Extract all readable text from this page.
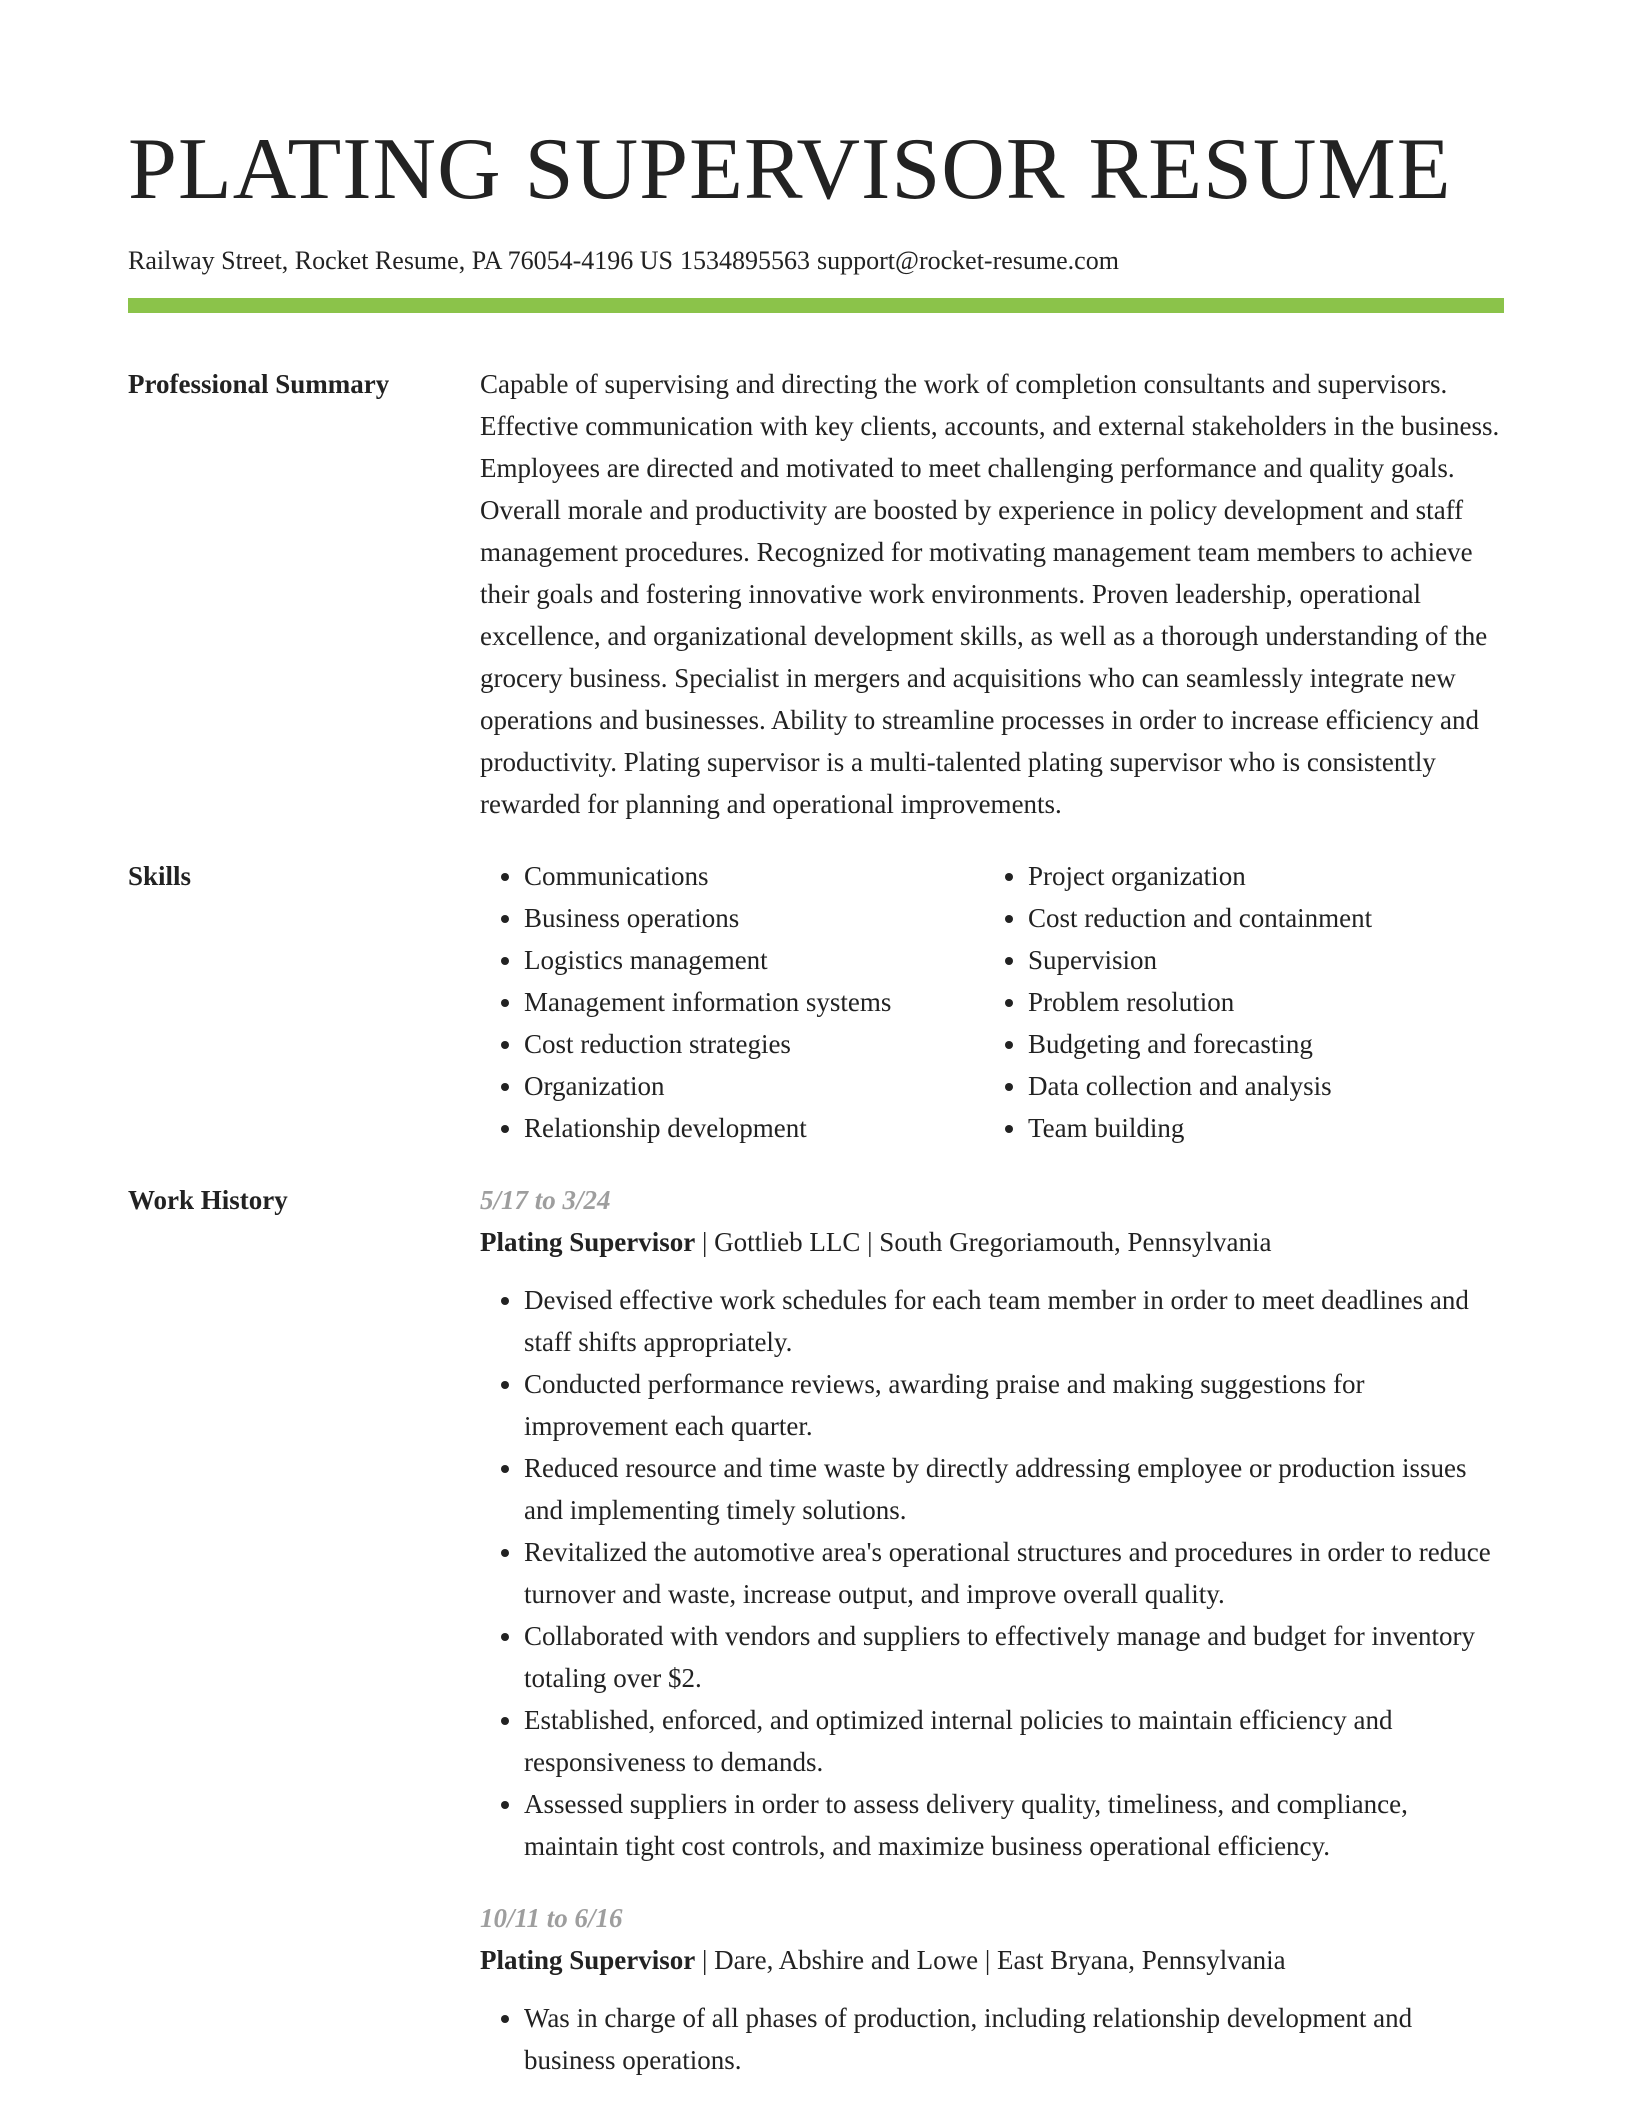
PLATING SUPERVISOR RESUME
Railway Street, Rocket Resume, PA 76054-4196 US 1534895563 support@rocket-resume.com
Professional Summary	Capable of supervising and directing the work of completion consultants and supervisors. Effective communication with key clients, accounts, and external stakeholders in the business. Employees are directed and motivated to meet challenging performance and quality goals. Overall morale and productivity are boosted by experience in policy development and staff management procedures. Recognized for motivating management team members to achieve their goals and fostering innovative work environments. Proven leadership, operational excellence, and organizational development skills, as well as a thorough understanding of the grocery business. Specialist in mergers and acquisitions who can seamlessly integrate new operations and businesses. Ability to streamline processes in order to increase efficiency and productivity. Plating supervisor is a multi-talented plating supervisor who is consistently rewarded for planning and operational improvements.

Skills
•	Communications
• Business operations
• Logistics management
• Management information systems
• Cost reduction strategies
• Organization
• Relationship development
• Project organization
• Cost reduction and containment
• Supervision
• Problem resolution
• Budgeting and forecasting
• Data collection and analysis
• Team building
Work History	5/17 to 3/24
Plating Supervisor | Gottlieb LLC | South Gregoriamouth, Pennsylvania
• Devised effective work schedules for each team member in order to meet deadlines and staff shifts appropriately.
• Conducted performance reviews, awarding praise and making suggestions for improvement each quarter.
• Reduced resource and time waste by directly addressing employee or production issues and implementing timely solutions.
• Revitalized the automotive area's operational structures and procedures in order to reduce turnover and waste, increase output, and improve overall quality.
• Collaborated with vendors and suppliers to effectively manage and budget for inventory totaling over $2.
• Established, enforced, and optimized internal policies to maintain efficiency and responsiveness to demands.
• Assessed suppliers in order to assess delivery quality, timeliness, and compliance, maintain tight cost controls, and maximize business operational efficiency.
10/11 to 6/16
Plating Supervisor | Dare, Abshire and Lowe | East Bryana, Pennsylvania
• Was in charge of all phases of production, including relationship development and business operations.
